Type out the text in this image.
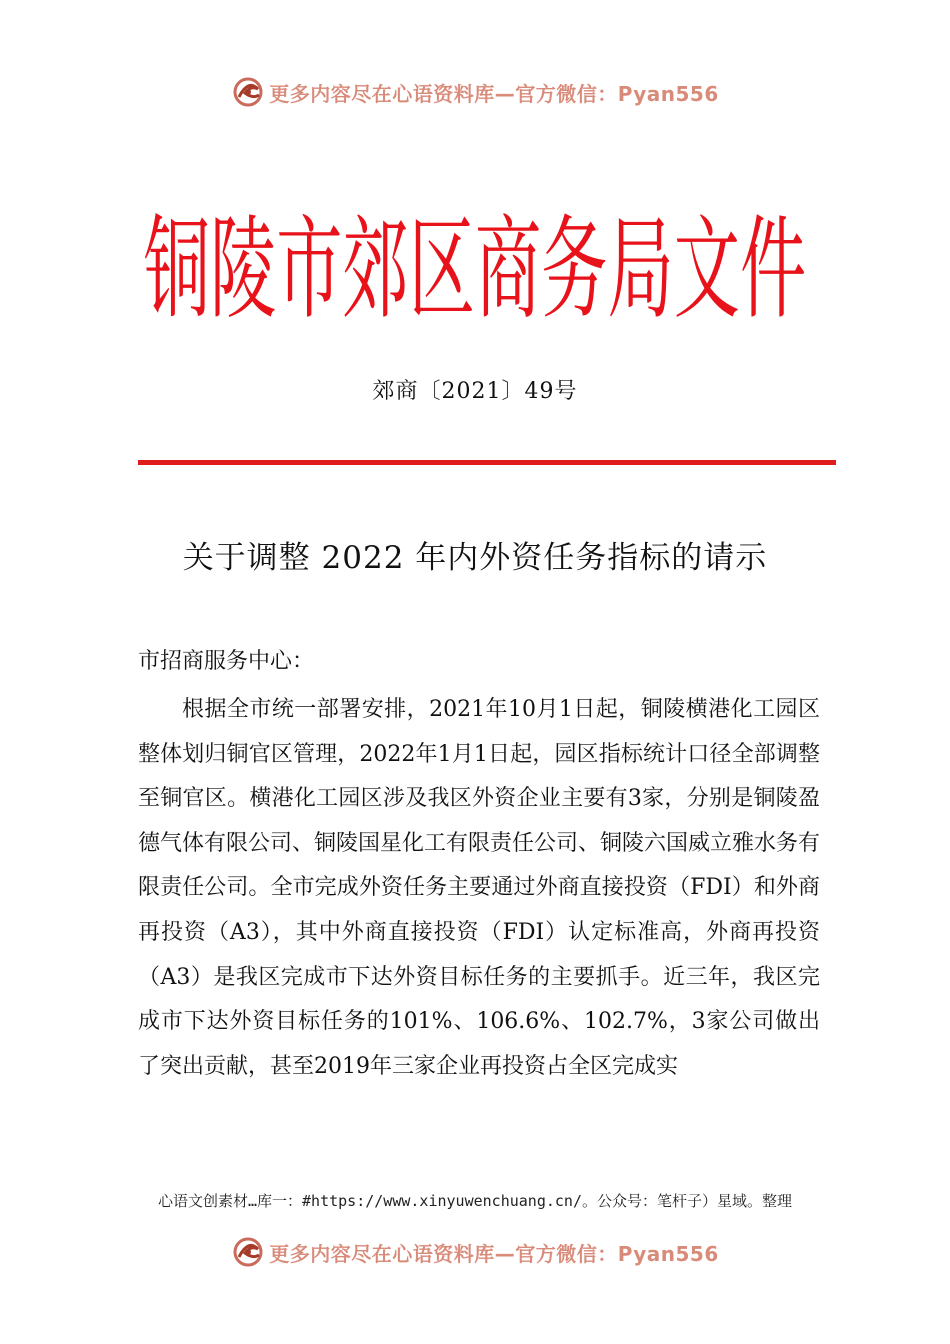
更多内容尽在心语资料库—官方微信：Pyan556
铜陵市郊区商务局文件
郊商〔2021〕49号
关于调整 2022 年内外资任务指标的请示
市招商服务中心：

根据全市统一部署安排，2021年10月1日起，铜陵横港化工园区整体划归铜官区管理，2022年1月1日起，园区指标统计口径全部调整至铜官区。横港化工园区涉及我区外资企业主要有3家，分别是铜陵盈德气体有限公司、铜陵国星化工有限责任公司、铜陵六国威立雅水务有限责任公司。全市完成外资任务主要通过外商直接投资（FDI）和外商再投资（A3），其中外商直接投资（FDI）认定标准高，外商再投资（A3）是我区完成市下达外资目标任务的主要抓手。近三年，我区完成市下达外资目标任务的101%、106.6%、102.7%，3家公司做出了突出贡献，甚至2019年三家企业再投资占全区完成实

心语文创素材…库一：#https://www.xinyuwenchuang.cn/。公众号：笔杆子）星域。整理
更多内容尽在心语资料库—官方微信：Pyan556
